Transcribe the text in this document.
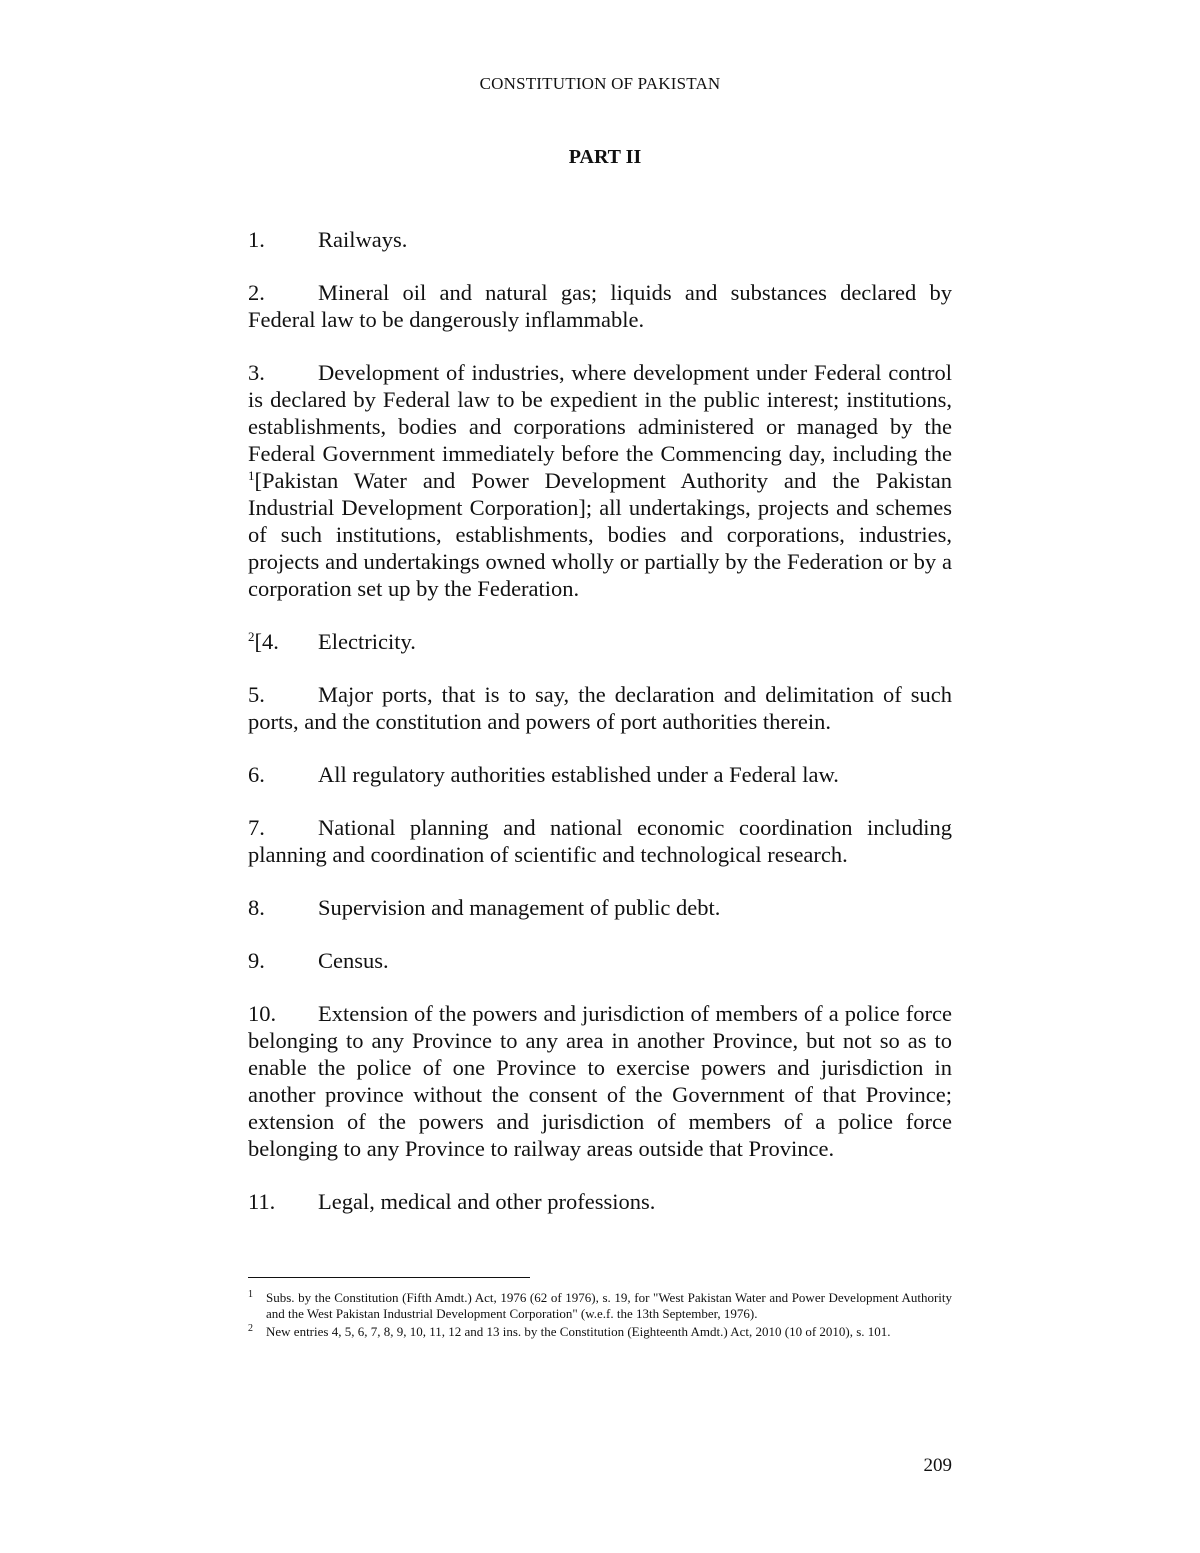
CONSTITUTION OF PAKISTAN
PART II

1. Railways.

2. Mineral oil and natural gas; liquids and substances declared by Federal law to be dangerously inflammable.

3. Development of industries, where development under Federal control is declared by Federal law to be expedient in the public interest; institutions, establishments, bodies and corporations administered or managed by the Federal Government immediately before the Commencing day, including the $^1$[Pakistan Water and Power Development Authority and the Pakistan Industrial Development Corporation]; all undertakings, projects and schemes of such institutions, establishments, bodies and corporations, industries, projects and undertakings owned wholly or partially by the Federation or by a corporation set up by the Federation.

$^2$[4. Electricity.

5. Major ports, that is to say, the declaration and delimitation of such ports, and the constitution and powers of port authorities therein.

6. All regulatory authorities established under a Federal law.

7. National planning and national economic coordination including planning and coordination of scientific and technological research.

8. Supervision and management of public debt.

9. Census.

10. Extension of the powers and jurisdiction of members of a police force belonging to any Province to any area in another Province, but not so as to enable the police of one Province to exercise powers and jurisdiction in another province without the consent of the Government of that Province; extension of the powers and jurisdiction of members of a police force belonging to any Province to railway areas outside that Province.

11. Legal, medical and other professions.

1 Subs. by the Constitution (Fifth Amdt.) Act, 1976 (62 of 1976), s. 19, for "West Pakistan Water and Power Development Authority and the West Pakistan Industrial Development Corporation" (w.e.f. the 13th September, 1976).
2 New entries 4, 5, 6, 7, 8, 9, 10, 11, 12 and 13 ins. by the Constitution (Eighteenth Amdt.) Act, 2010 (10 of 2010), s. 101.
209
